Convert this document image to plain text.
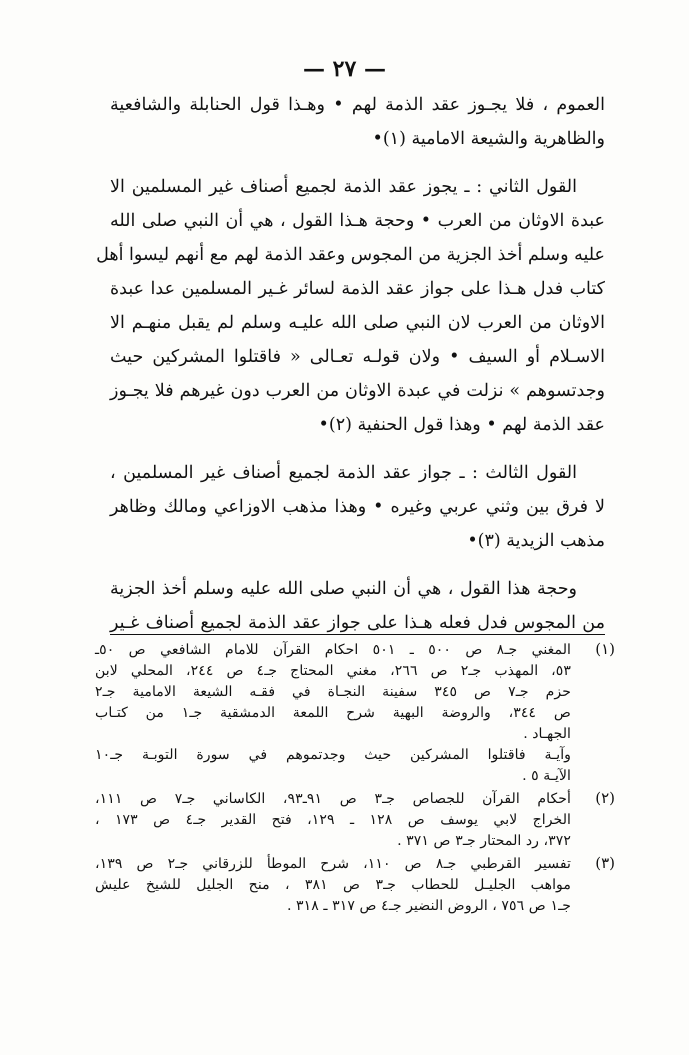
— ٢٧ —
العموم ، فلا يجـوز عقد الذمة لهم • وهـذا قول الحنابلة والشافعية
والظاهرية والشيعة الامامية (١)•
القول الثاني : ـ يجوز عقد الذمة لجميع أصناف غير المسلمين الا
عبدة الاوثان من العرب • وحجة هـذا القول ، هي أن النبي صلى الله
عليه وسلم أخذ الجزية من المجوس وعقد الذمة لهم مع أنهم ليسوا أهل
كتاب فدل هـذا على جواز عقد الذمة لسائر غـير المسلمين عدا عبدة
الاوثان من العرب لان النبي صلى الله عليـه وسلم لم يقبل منهـم الا
الاسـلام أو السيف • ولان قولـه تعـالى « فاقتلوا المشركين حيث
وجدتسوهم » نزلت في عبدة الاوثان من العرب دون غيرهم فلا يجـوز
عقد الذمة لهم • وهذا قول الحنفية (٢)•
القول الثالث : ـ جواز عقد الذمة لجميع أصناف غير المسلمين ،
لا فرق بين وثني عربي وغيره • وهذا مذهب الاوزاعي ومالك وظاهر
مذهب الزيدية (٣)•
وحجة هذا القول ، هي أن النبي صلى الله عليه وسلم أخذ الجزية
من المجوس فدل فعله هـذا على جواز عقد الذمة لجميع أصناف غـير
(١)
المغني جـ٨ ص ٥٠٠ ـ ٥٠١ احكام القرآن للامام الشافعي ص ٥٠ـ
٥٣، المهذب جـ٢ ص ٢٦٦، مغني المحتاج جـ٤ ص ٢٤٤، المحلي لابن
حزم جـ٧ ص ٣٤٥ سفينة النجـاة في فقـه الشيعة الامامية جـ٢
ص ٣٤٤، والروضة البهية شرح اللمعة الدمشقية جـ١ من كتـاب
الجهـاد .
وآيـة فاقتلوا المشركين حيث وجدتموهم في سورة التوبـة جـ١٠
الآيـة ٥ .
(٢)
أحكام القرآن للجصاص جـ٣ ص ٩١ـ٩٣، الكاساني جـ٧ ص ١١١،
الخراج لابي يوسف ص ١٢٨ ـ ١٢٩، فتح القدير جـ٤ ص ١٧٣ ،
٣٧٢، رد المحتار جـ٣ ص ٣٧١ .
(٣)
تفسير القرطبي جـ٨ ص ١١٠، شرح الموطأ للزرقاني جـ٢ ص ١٣٩،
مواهب الجليـل للحطاب جـ٣ ص ٣٨١ ، منح الجليل للشيخ عليش
جـ١ ص ٧٥٦ ، الروض النضير جـ٤ ص ٣١٧ ـ ٣١٨ .
